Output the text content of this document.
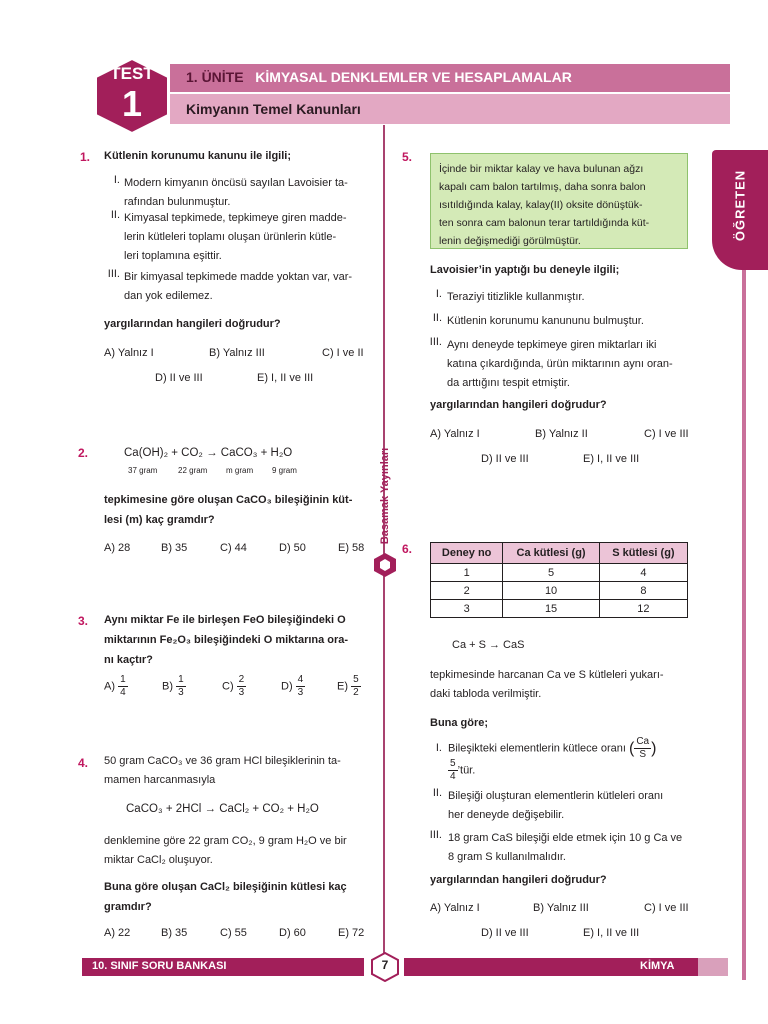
TEST
1
1. ÜNİTE KİMYASAL DENKLEMLER VE HESAPLAMALAR
Kimyanın Temel Kanunları
ÖĞRETEN
Basamak Yayınları
1. Kütlenin korunumu kanunu ile ilgili;
I. Modern kimyanın öncüsü sayılan Lavoisier ta-
rafından bulunmuştur.
II. Kimyasal tepkimede, tepkimeye giren madde-
lerin kütleleri toplamı oluşan ürünlerin kütle-
leri toplamına eşittir.
III. Bir kimyasal tepkimede madde yoktan var, var-
dan yok edilemez.
yargılarından hangileri doğrudur?
A) Yalnız I	B) Yalnız III	C) I ve II
D) II ve III	E) I, II ve III
2.	Ca(OH)₂ + CO₂ → CaCO₃ + H₂O
37 gram	22 gram m gram 9 gram
tepkimesine göre oluşan CaCO₃ bileşiğinin küt-
lesi (m) kaç gramdır?
A) 28	B) 35	C) 44	D) 50	E) 58
3. Aynı miktar Fe ile birleşen FeO bileşiğindeki O
miktarının Fe₂O₃ bileşiğindeki O miktarına ora-
nı kaçtır?
$A) \frac{1}{4}$	$B) \frac{1}{3}$	$C) \frac{2}{3}$	$D) \frac{4}{3}$	$E) \frac{5}{2}$
4. 50 gram CaCO₃ ve 36 gram HCl bileşiklerinin ta-
mamen harcanmasıyla
CaCO₃ + 2HCl → CaCl₂ + CO₂ + H₂O
denklemine göre 22 gram CO₂, 9 gram H₂O ve bir
miktar CaCl₂ oluşuyor.
Buna göre oluşan CaCl₂ bileşiğinin kütlesi kaç
gramdır?
A) 22	B) 35	C) 55	D) 60	E) 72
5.
İçinde bir miktar kalay ve hava bulunan ağzı
kapalı cam balon tartılmış, daha sonra balon
ısıtıldığında kalay, kalay(II) oksite dönüştük-
ten sonra cam balonun terar tartıldığında küt-
lenin değişmediği görülmüştür.
Lavoisier’in yaptığı bu deneyle ilgili;
I. Teraziyi titizlikle kullanmıştır.
II. Kütlenin korunumu kanununu bulmuştur.
III. Aynı deneyde tepkimeye giren miktarları iki
katına çıkardığında, ürün miktarının aynı oran-
da arttığını tespit etmiştir.
yargılarından hangileri doğrudur?
A) Yalnız I	B) Yalnız II	C) I ve III
D) II ve III	E) I, II ve III
6.	Deney no	Ca kütlesi (g)	S kütlesi (g)
1	5	4
2	10	8
3	15	12
Ca + S → CaS
tepkimesinde harcanan Ca ve S kütleleri yukarı-
daki tabloda verilmiştir.
Buna göre;
I. Bileşikteki elementlerin kütlece oranı ( $\frac{Ca}{S}$ )
$\frac{5}{4}$ ’tür.
II. Bileşiği oluşturan elementlerin kütleleri oranı
her deneyde değişebilir.
III. 18 gram CaS bileşiği elde etmek için 10 g Ca ve
8 gram S kullanılmalıdır.
yargılarından hangileri doğrudur?
A) Yalnız I	B) Yalnız III	C) I ve III
D) II ve III	E) I, II ve III
10. SINIF SORU BANKASI	KİMYA
7
